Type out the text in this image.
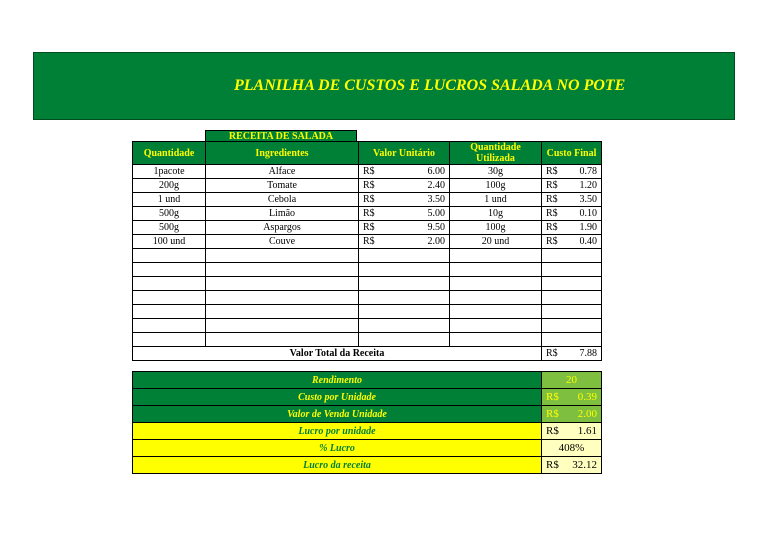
PLANILHA DE CUSTOS E LUCROS SALADA NO POTE
RECEITA DE SALADA
Quantidade	Ingredientes	Valor Unitário	Quantidade Utilizada	Custo Final
1pacote	Alface	R$ 6.00	30g	R$ 0.78

200g	Tomate	R$ 2.40	100g	R$ 1.20

1 und	Cebola	R$ 3.50	1 und	R$ 3.50

500g	Limão	R$ 5.00	10g	R$ 0.10

500g	Aspargos	R$ 9.50	100g	R$ 1.90

100 und	Couve	R$ 2.00	20 und	R$ 0.40

Valor Total da Receita				R$ 7.88
Rendimento	20
Custo por Unidade	R$ 0.39

Valor de Venda Unidade	R$ 2.00

Lucro por unidade	R$ 1.61

% Lucro	408%
Lucro da receita	R$ 32.12
